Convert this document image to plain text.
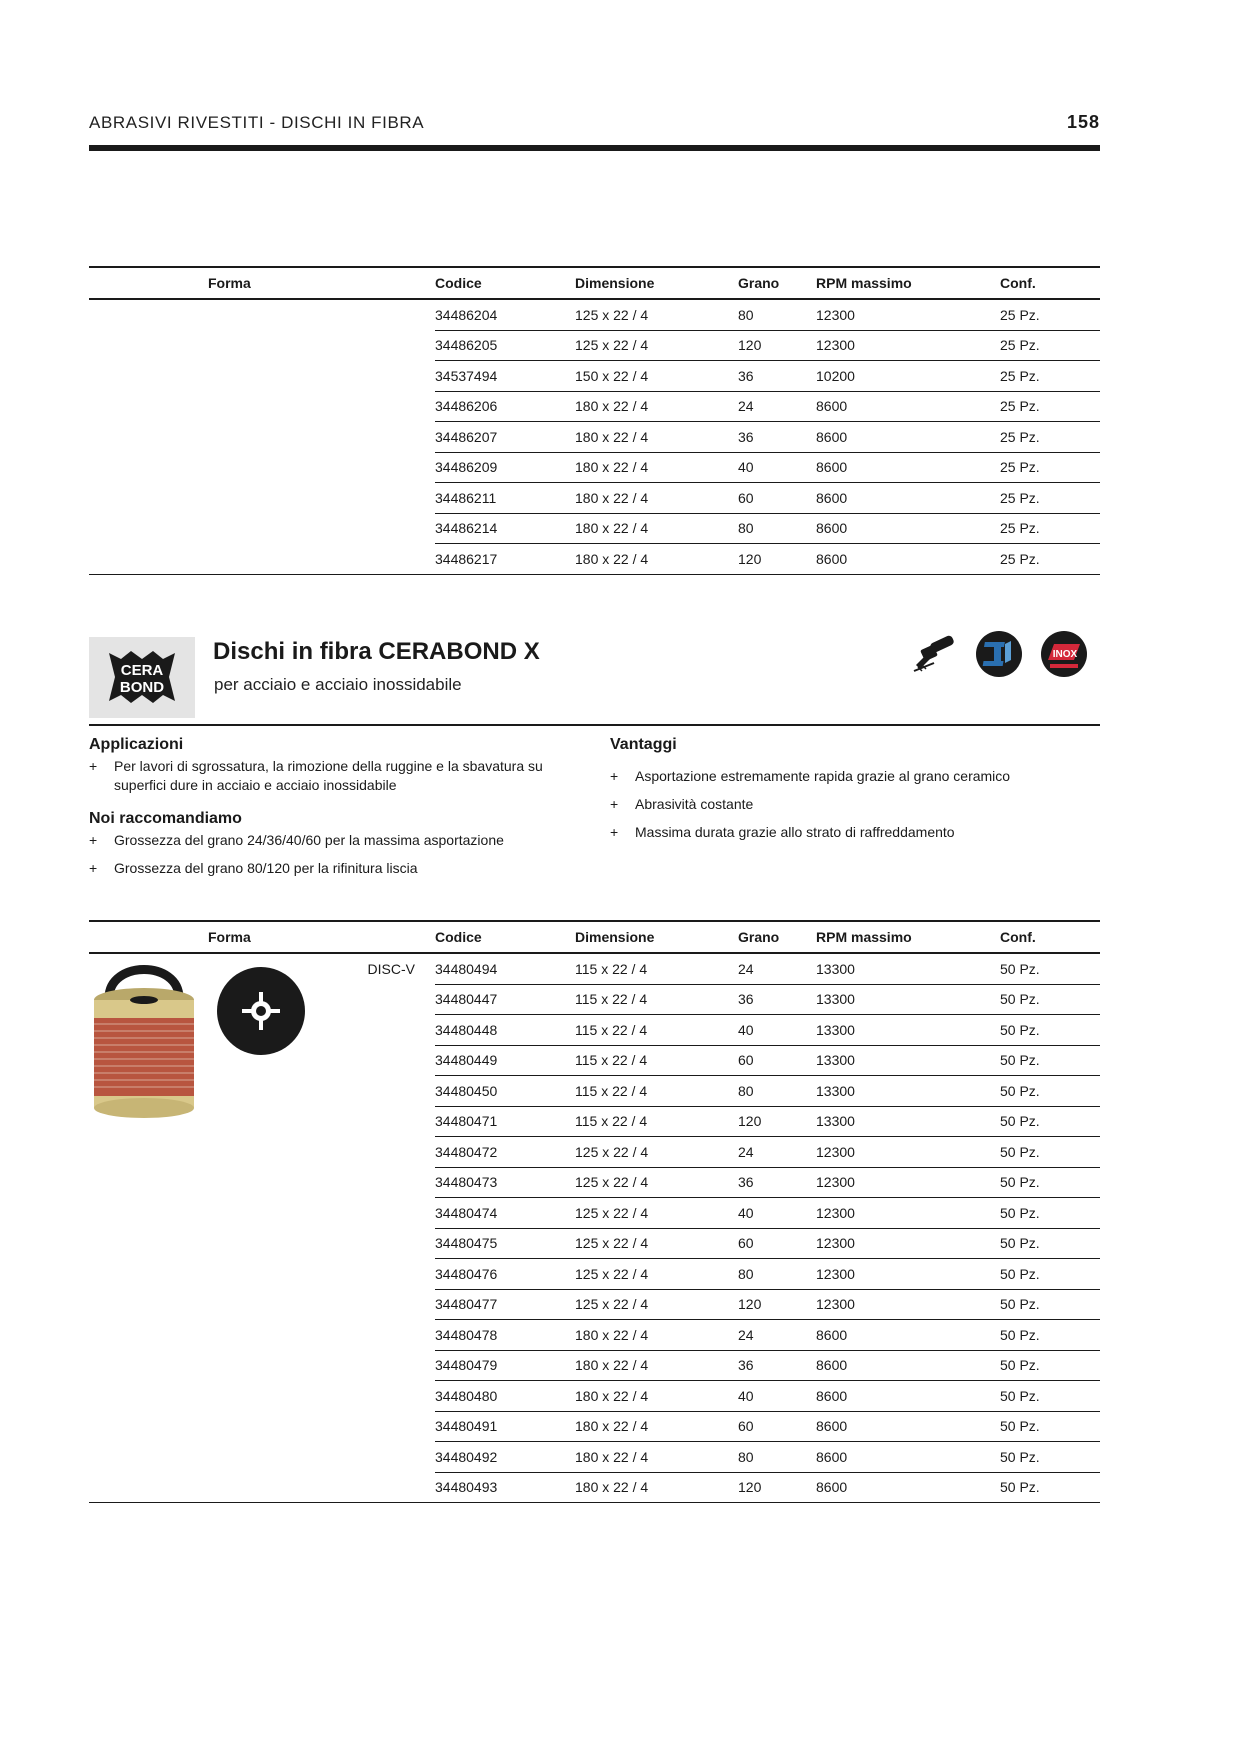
ABRASIVI RIVESTITI - DISCHI IN FIBRA	158
Forma	Codice	Dimensione	Grano	RPM massimo	Conf.
	34486204	125 x 22 / 4	80	12300	25 Pz.
	34486205	125 x 22 / 4	120	12300	25 Pz.
	34537494	150 x 22 / 4	36	10200	25 Pz.
	34486206	180 x 22 / 4	24	8600	25 Pz.
	34486207	180 x 22 / 4	36	8600	25 Pz.
	34486209	180 x 22 / 4	40	8600	25 Pz.
	34486211	180 x 22 / 4	60	8600	25 Pz.
	34486214	180 x 22 / 4	80	8600	25 Pz.
	34486217	180 x 22 / 4	120	8600	25 Pz.
CERA
BOND
Dischi in fibra CERABOND X
per acciaio e acciaio inossidabile
INOX
Applicazioni
+ Per lavori di sgrossatura, la rimozione della ruggine e la sbavatura su superfici dure in acciaio e acciaio inossidabile
Noi raccomandiamo
+ Grossezza del grano 24/36/40/60 per la massima asportazione
+ Grossezza del grano 80/120 per la rifinitura liscia
Vantaggi
+ Asportazione estremamente rapida grazie al grano ceramico
+ Abrasività costante
+ Massima durata grazie allo strato di raffreddamento
Forma	Codice	Dimensione	Grano	RPM massimo	Conf.

DISC-V	34480494	115 x 22 / 4	24	13300	50 Pz.
	34480447	115 x 22 / 4	36	13300	50 Pz.
	34480448	115 x 22 / 4	40	13300	50 Pz.
	34480449	115 x 22 / 4	60	13300	50 Pz.
	34480450	115 x 22 / 4	80	13300	50 Pz.
	34480471	115 x 22 / 4	120	13300	50 Pz.
	34480472	125 x 22 / 4	24	12300	50 Pz.
	34480473	125 x 22 / 4	36	12300	50 Pz.
	34480474	125 x 22 / 4	40	12300	50 Pz.
	34480475	125 x 22 / 4	60	12300	50 Pz.
	34480476	125 x 22 / 4	80	12300	50 Pz.
	34480477	125 x 22 / 4	120	12300	50 Pz.
	34480478	180 x 22 / 4	24	8600	50 Pz.
	34480479	180 x 22 / 4	36	8600	50 Pz.
	34480480	180 x 22 / 4	40	8600	50 Pz.
	34480491	180 x 22 / 4	60	8600	50 Pz.
	34480492	180 x 22 / 4	80	8600	50 Pz.
	34480493	180 x 22 / 4	120	8600	50 Pz.
